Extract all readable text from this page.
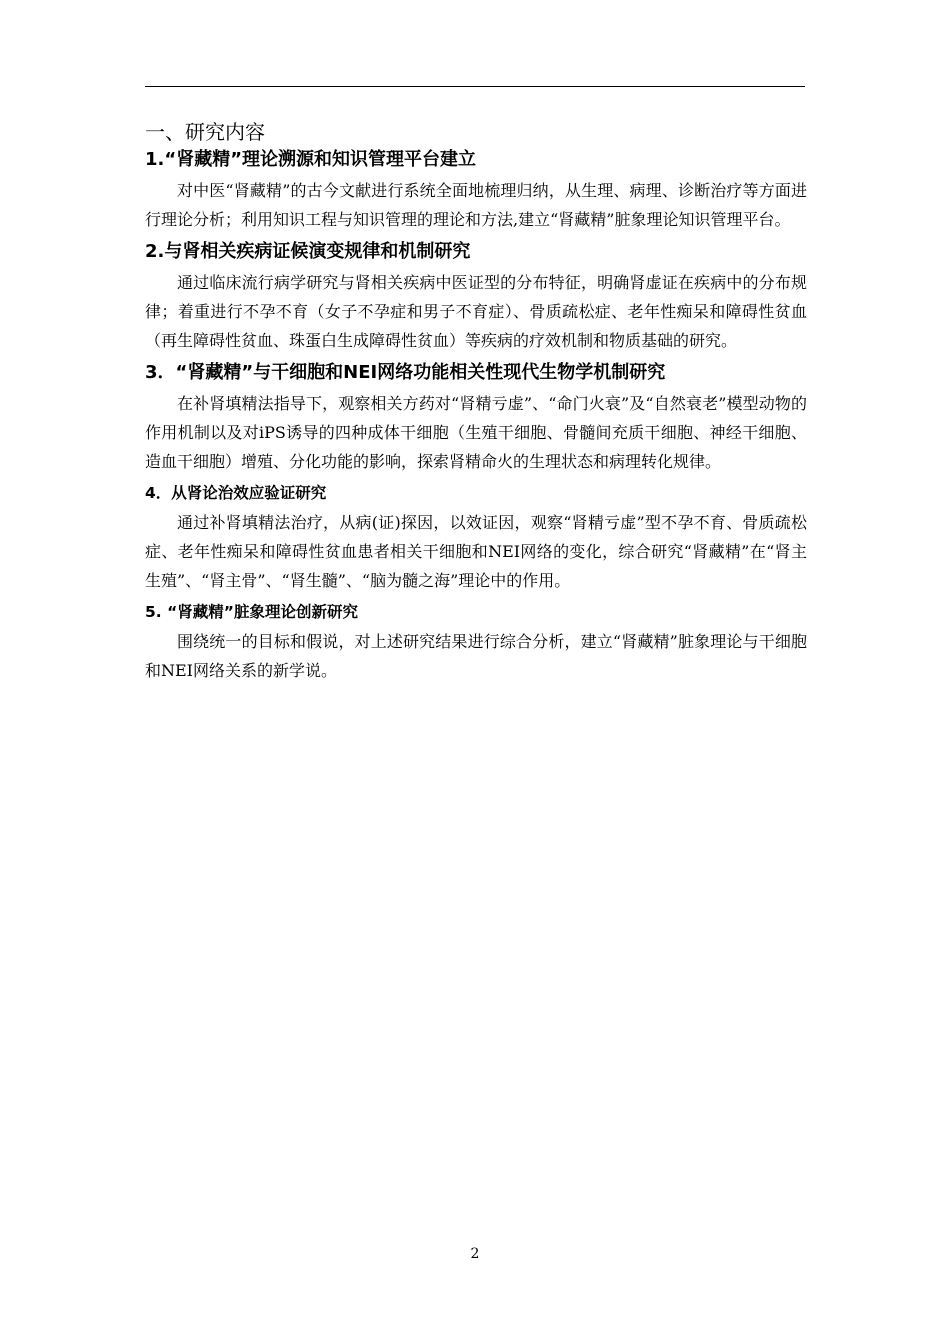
一、研究内容

1.“肾藏精”理论溯源和知识管理平台建立

对中医“肾藏精”的古今文献进行系统全面地梳理归纳，从生理、病理、诊断治疗等方面进行理论分析；利用知识工程与知识管理的理论和方法,建立“肾藏精”脏象理论知识管理平台。

2.与肾相关疾病证候演变规律和机制研究

通过临床流行病学研究与肾相关疾病中医证型的分布特征，明确肾虚证在疾病中的分布规律；着重进行不孕不育（女子不孕症和男子不育症）、骨质疏松症、老年性痴呆和障碍性贫血（再生障碍性贫血、珠蛋白生成障碍性贫血）等疾病的疗效机制和物质基础的研究。

3．“肾藏精”与干细胞和NEI网络功能相关性现代生物学机制研究

在补肾填精法指导下，观察相关方药对“肾精亏虚”、“命门火衰”及“自然衰老”模型动物的作用机制以及对iPS诱导的四种成体干细胞（生殖干细胞、骨髓间充质干细胞、神经干细胞、造血干细胞）增殖、分化功能的影响，探索肾精命火的生理状态和病理转化规律。

4．从肾论治效应验证研究

通过补肾填精法治疗，从病(证)探因，以效证因，观察“肾精亏虚”型不孕不育、骨质疏松症、老年性痴呆和障碍性贫血患者相关干细胞和NEI网络的变化，综合研究“肾藏精”在“肾主生殖”、“肾主骨”、“肾生髓”、“脑为髓之海”理论中的作用。

5. “肾藏精”脏象理论创新研究

围绕统一的目标和假说，对上述研究结果进行综合分析，建立“肾藏精”脏象理论与干细胞和NEI网络关系的新学说。

2
